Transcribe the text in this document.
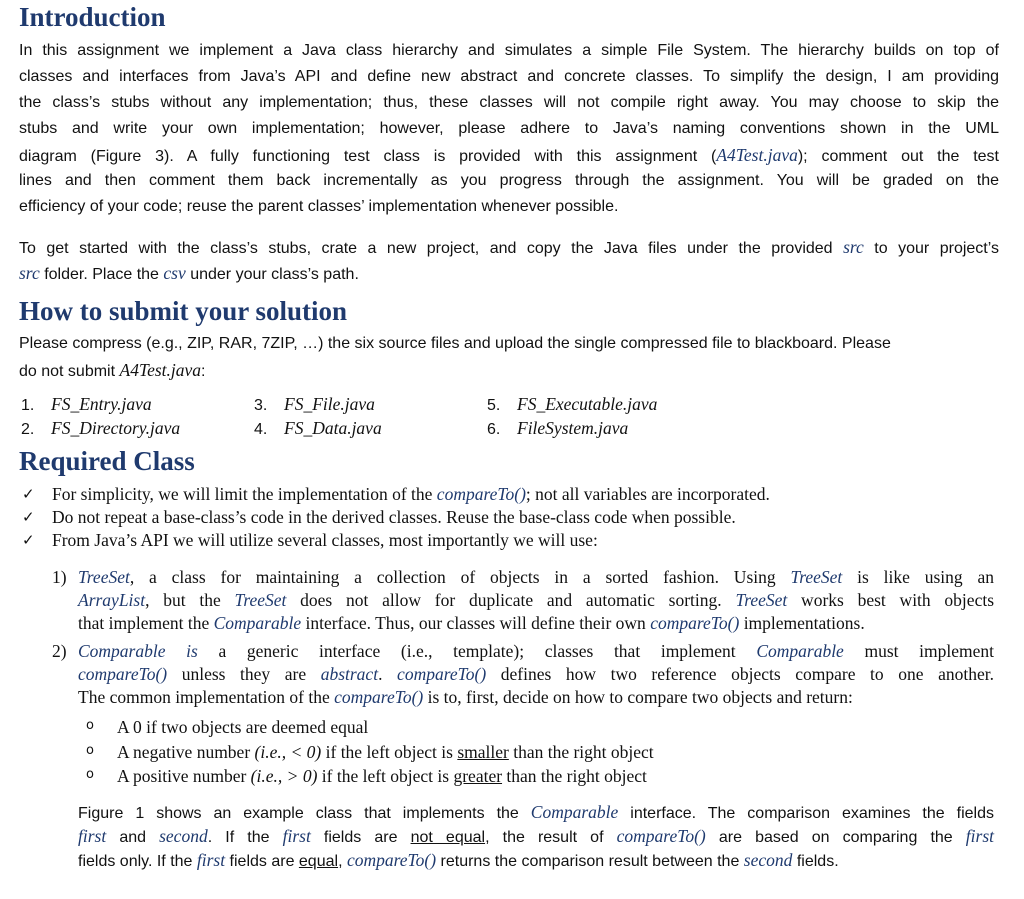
Introduction
In this assignment we implement a Java class hierarchy and simulates a simple File System. The hierarchy builds on top of
classes and interfaces from Java’s API and define new abstract and concrete classes. To simplify the design, I am providing
the class’s stubs without any implementation; thus, these classes will not compile right away. You may choose to skip the
stubs and write your own implementation; however, please adhere to Java’s naming conventions shown in the UML
diagram (Figure 3). A fully functioning test class is provided with this assignment (A4Test.java); comment out the test
lines and then comment them back incrementally as you progress through the assignment. You will be graded on the
efficiency of your code; reuse the parent classes’ implementation whenever possible.
To get started with the class’s stubs, crate a new project, and copy the Java files under the provided src to your project’s
src folder. Place the csv under your class’s path.
How to submit your solution
Please compress (e.g., ZIP, RAR, 7ZIP, …) the six source files and upload the single compressed file to blackboard. Please
do not submit A4Test.java:
1. FS_Entry.java
2. FS_Directory.java
3. FS_File.java
4. FS_Data.java
5. FS_Executable.java
6. FileSystem.java
Required Class
✓
✓
✓
For simplicity, we will limit the implementation of the compareTo(); not all variables are incorporated.
Do not repeat a base-class’s code in the derived classes. Reuse the base-class code when possible.
From Java’s API we will utilize several classes, most importantly we will use:
1) TreeSet, a class for maintaining a collection of objects in a sorted fashion. Using TreeSet is like using an
ArrayList, but the TreeSet does not allow for duplicate and automatic sorting. TreeSet works best with objects
that implement the Comparable interface. Thus, our classes will define their own compareTo() implementations.
2) Comparable is a generic interface (i.e., template); classes that implement Comparable must implement
compareTo() unless they are abstract. compareTo() defines how two reference objects compare to one another.
The common implementation of the compareTo() is to, first, decide on how to compare two objects and return:
o
o
o
A 0 if two objects are deemed equal
A negative number (i.e., < 0) if the left object is smaller than the right object
A positive number (i.e., > 0) if the left object is greater than the right object
Figure 1 shows an example class that implements the Comparable interface. The comparison examines the fields
first and second. If the first fields are not equal, the result of compareTo() are based on comparing the first
fields only. If the first fields are equal, compareTo() returns the comparison result between the second fields.
